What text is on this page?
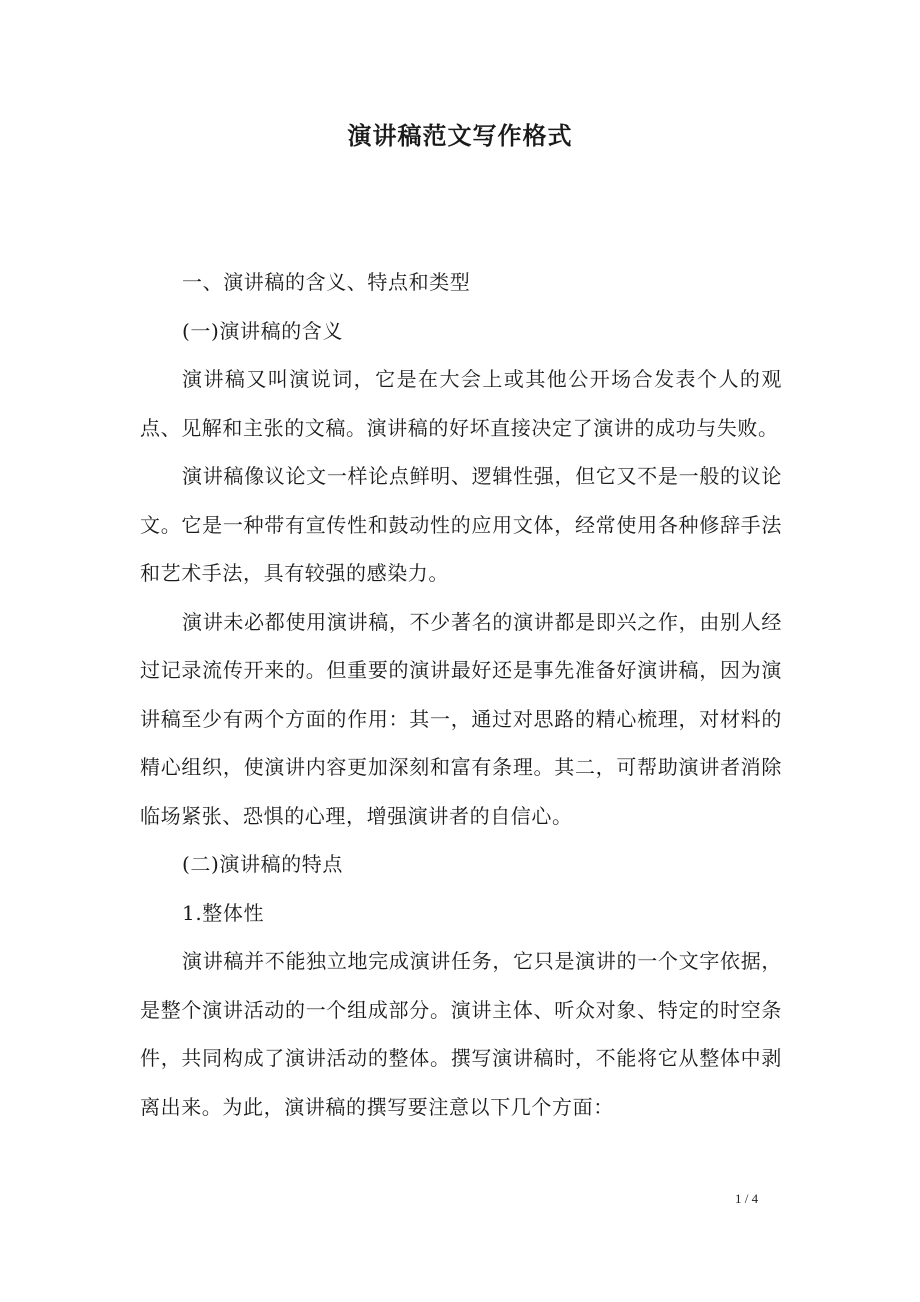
演讲稿范文写作格式

一、演讲稿的含义、特点和类型

(一)演讲稿的含义

演讲稿又叫演说词，它是在大会上或其他公开场合发表个人的观点、见解和主张的文稿。演讲稿的好坏直接决定了演讲的成功与失败。

演讲稿像议论文一样论点鲜明、逻辑性强，但它又不是一般的议论文。它是一种带有宣传性和鼓动性的应用文体，经常使用各种修辞手法和艺术手法，具有较强的感染力。

演讲未必都使用演讲稿，不少著名的演讲都是即兴之作，由别人经过记录流传开来的。但重要的演讲最好还是事先准备好演讲稿，因为演讲稿至少有两个方面的作用：其一，通过对思路的精心梳理，对材料的精心组织，使演讲内容更加深刻和富有条理。其二，可帮助演讲者消除临场紧张、恐惧的心理，增强演讲者的自信心。

(二)演讲稿的特点

1.整体性

演讲稿并不能独立地完成演讲任务，它只是演讲的一个文字依据，是整个演讲活动的一个组成部分。演讲主体、听众对象、特定的时空条件，共同构成了演讲活动的整体。撰写演讲稿时，不能将它从整体中剥离出来。为此，演讲稿的撰写要注意以下几个方面：

1 / 4
